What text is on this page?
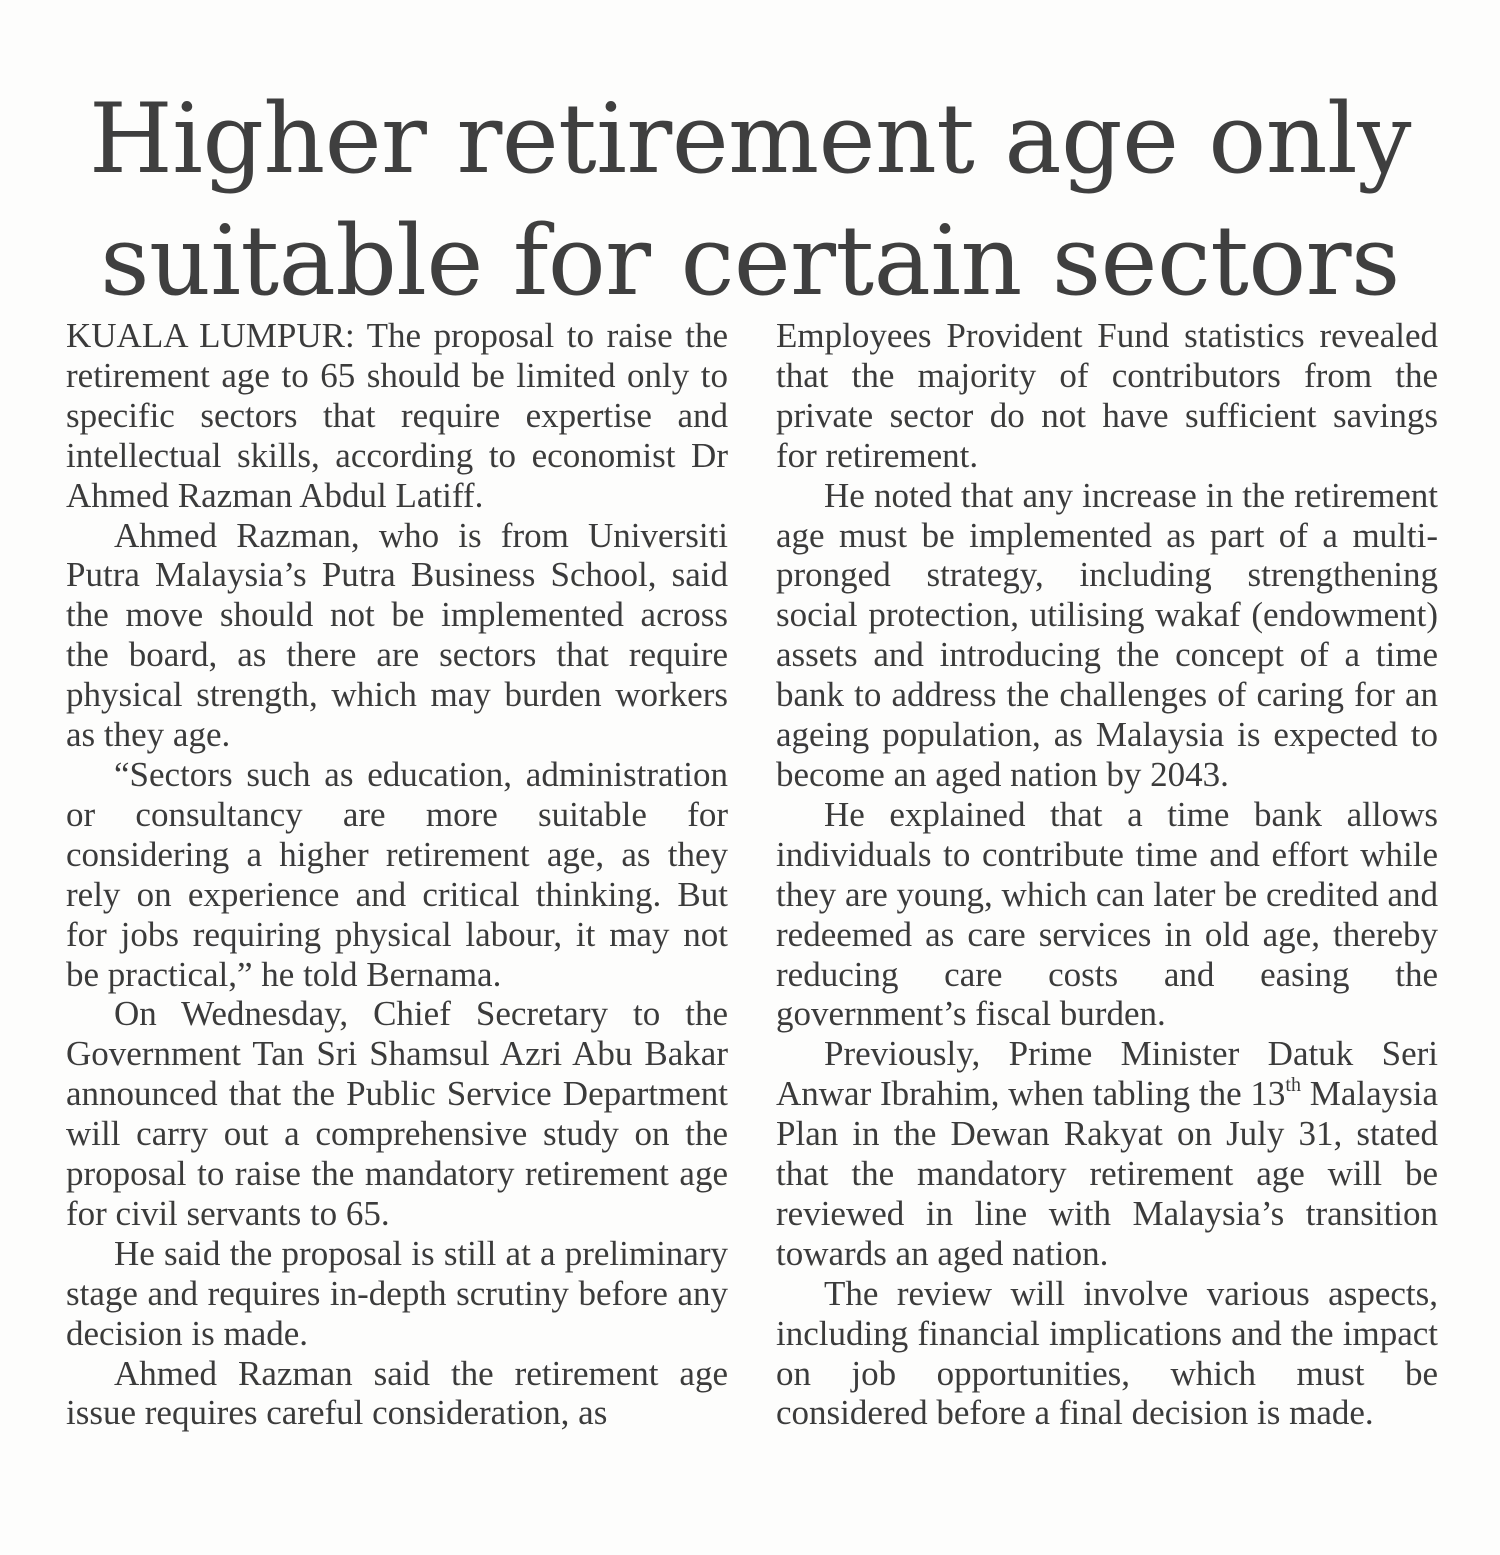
Higher retirement age only
suitable for certain sectors

KUALA LUMPUR: The proposal to raise the retirement age to 65 should be limited only to specific sectors that require expertise and intellectual skills, according to economist Dr Ahmed Razman Abdul Latiff.

Ahmed Razman, who is from Universiti Putra Malaysia’s Putra Business School, said the move should not be implemented across the board, as there are sectors that require physical strength, which may burden workers as they age.

“Sectors such as education, administration or consultancy are more suitable for considering a higher retirement age, as they rely on experience and critical thinking. But for jobs requiring physical labour, it may not be practical,” he told Bernama.

On Wednesday, Chief Secretary to the Government Tan Sri Shamsul Azri Abu Bakar announced that the Public Service Department will carry out a comprehensive study on the proposal to raise the mandatory retirement age for civil servants to 65.

He said the proposal is still at a preliminary stage and requires in-depth scrutiny before any decision is made.

Ahmed Razman said the retirement age issue requires careful consideration, as

Employees Provident Fund statistics revealed that the majority of contributors from the private sector do not have sufficient savings for retirement.

He noted that any increase in the retirement age must be implemented as part of a multi-pronged strategy, including strengthening social protection, utilising wakaf (endowment) assets and introducing the concept of a time bank to address the challenges of caring for an ageing population, as Malaysia is expected to become an aged nation by 2043.

He explained that a time bank allows individuals to contribute time and effort while they are young, which can later be credited and redeemed as care services in old age, thereby reducing care costs and easing the government’s fiscal burden.

Previously, Prime Minister Datuk Seri Anwar Ibrahim, when tabling the 13th Malaysia Plan in the Dewan Rakyat on July 31, stated that the mandatory retirement age will be reviewed in line with Malaysia’s transition towards an aged nation.

The review will involve various aspects, including financial implications and the impact on job opportunities, which must be considered before a final decision is made.
